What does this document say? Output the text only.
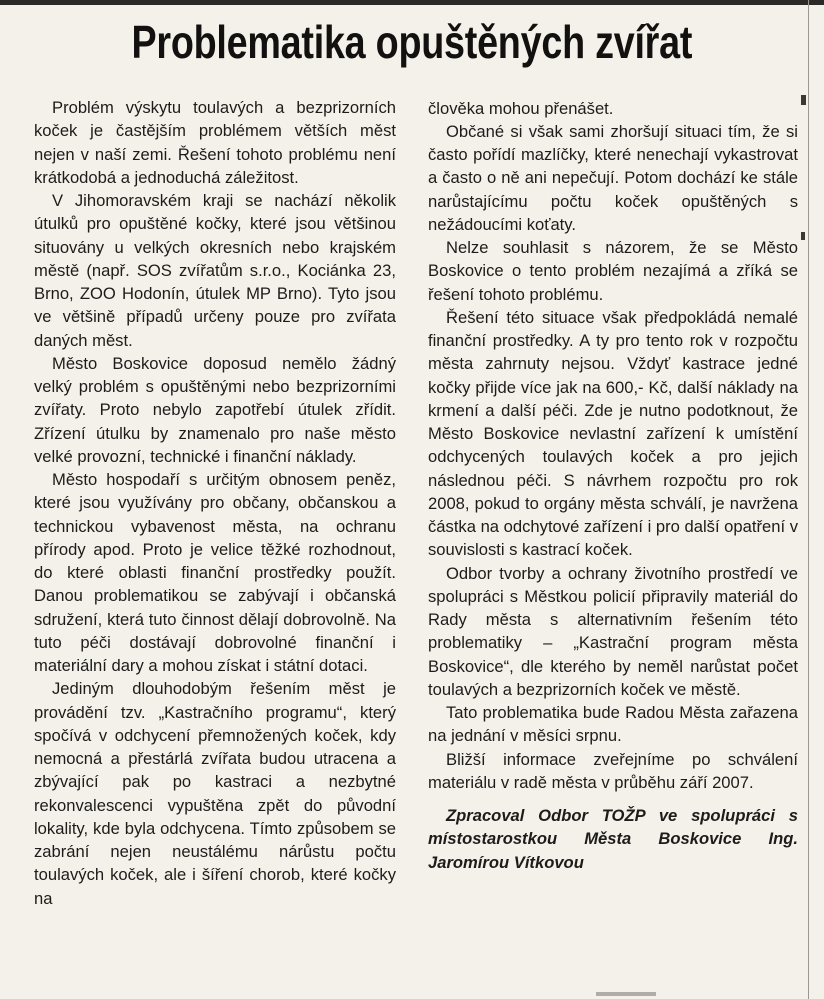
Problematika opuštěných zvířat

Problém výskytu toulavých a bezprizorních koček je častějším problémem větších měst nejen v naší zemi. Řešení tohoto problému není krátkodobá a jednoduchá záležitost.

V Jihomoravském kraji se nachází několik útulků pro opuštěné kočky, které jsou většinou situovány u velkých okresních nebo krajském městě (např. SOS zvířatům s.r.o., Kociánka 23, Brno, ZOO Hodonín, útulek MP Brno). Tyto jsou ve většině případů určeny pouze pro zvířata daných měst.

Město Boskovice doposud nemělo žádný velký problém s opuštěnými nebo bezprizorními zvířaty. Proto nebylo zapotřebí útulek zřídit. Zřízení útulku by znamenalo pro naše město velké provozní, technické i finanční náklady.

Město hospodaří s určitým obnosem peněz, které jsou využívány pro občany, občanskou a technickou vybavenost města, na ochranu přírody apod. Proto je velice těžké rozhodnout, do které oblasti finanční prostředky použít. Danou problematikou se zabývají i občanská sdružení, která tuto činnost dělají dobrovolně. Na tuto péči dostávají dobrovolné finanční i materiální dary a mohou získat i státní dotaci.

Jediným dlouhodobým řešením měst je provádění tzv. „Kastračního programu“, který spočívá v odchycení přemnožených koček, kdy nemocná a přestárlá zvířata budou utracena a zbývající pak po kastraci a nezbytné rekonvalescenci vypuštěna zpět do původní lokality, kde byla odchycena. Tímto způsobem se zabrání nejen neustálému nárůstu počtu toulavých koček, ale i šíření chorob, které kočky na

člověka mohou přenášet.

Občané si však sami zhoršují situaci tím, že si často pořídí mazlíčky, které nenechají vykastrovat a často o ně ani nepečují. Potom dochází ke stále narůstajícímu počtu koček opuštěných s nežádoucími koťaty.

Nelze souhlasit s názorem, že se Město Boskovice o tento problém nezajímá a zříká se řešení tohoto problému.

Řešení této situace však předpokládá nemalé finanční prostředky. A ty pro tento rok v rozpočtu města zahrnuty nejsou. Vždyť kastrace jedné kočky přijde více jak na 600,- Kč, další náklady na krmení a další péči. Zde je nutno podotknout, že Město Boskovice nevlastní zařízení k umístění odchycených toulavých koček a pro jejich následnou péči. S návrhem rozpočtu pro rok 2008, pokud to orgány města schválí, je navržena částka na odchytové zařízení i pro další opatření v souvislosti s kastrací koček.

Odbor tvorby a ochrany životního prostředí ve spolupráci s Městkou policií připravily materiál do Rady města s alternativním řešením této problematiky – „Kastrační program města Boskovice“, dle kterého by neměl narůstat počet toulavých a bezprizorních koček ve městě.

Tato problematika bude Radou Města zařazena na jednání v měsíci srpnu.

Bližší informace zveřejníme po schválení materiálu v radě města v průběhu září 2007.

Zpracoval Odbor TOŽP ve spolupráci s místostarostkou Města Boskovice Ing. Jaromírou Vítkovou
